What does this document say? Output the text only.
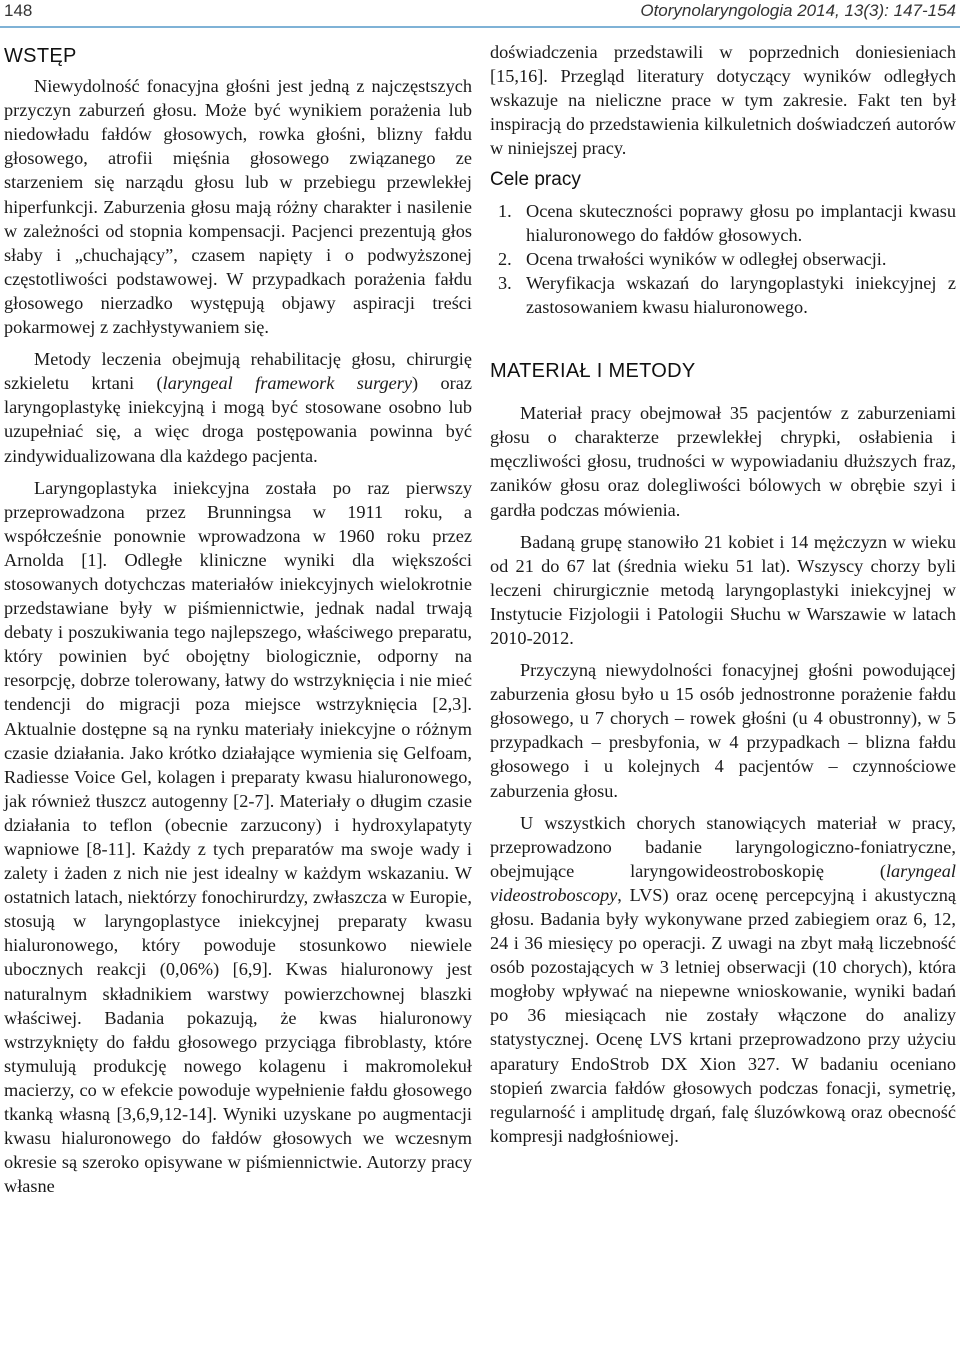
148	Otorynolaryngologia 2014, 13(3): 147-154
WSTĘP

Niewydolność fonacyjna głośni jest jedną z najczęstszych przyczyn zaburzeń głosu. Może być wynikiem porażenia lub niedowładu fałdów głosowych, rowka głośni, blizny fałdu głosowego, atrofii mięśnia głosowego związanego ze starzeniem się narządu głosu lub w przebiegu przewlekłej hiperfunkcji. Zaburzenia głosu mają różny charakter i nasilenie w zależności od stopnia kompensacji. Pacjenci prezentują głos słaby i „chuchający”, czasem napięty i o podwyższonej częstotliwości podstawowej. W przypadkach porażenia fałdu głosowego nierzadko występują objawy aspiracji treści pokarmowej z zachłystywaniem się.

Metody leczenia obejmują rehabilitację głosu, chirurgię szkieletu krtani (laryngeal framework surgery) oraz laryngoplastykę iniekcyjną i mogą być stosowane osobno lub uzupełniać się, a więc droga postępowania powinna być zindywidualizowana dla każdego pacjenta.

Laryngoplastyka iniekcyjna została po raz pierwszy przeprowadzona przez Brunningsa w 1911 roku, a współcześnie ponownie wprowadzona w 1960 roku przez Arnolda [1]. Odległe kliniczne wyniki dla większości stosowanych dotychczas materiałów iniekcyjnych wielokrotnie przedstawiane były w piśmiennictwie, jednak nadal trwają debaty i poszukiwania tego najlepszego, właściwego preparatu, który powinien być obojętny biologicznie, odporny na resorpcję, dobrze tolerowany, łatwy do wstrzyknięcia i nie mieć tendencji do migracji poza miejsce wstrzyknięcia [2,3]. Aktualnie dostępne są na rynku materiały iniekcyjne o różnym czasie działania. Jako krótko działające wymienia się Gelfoam, Radiesse Voice Gel, kolagen i preparaty kwasu hialuronowego, jak również tłuszcz autogenny [2-7]. Materiały o długim czasie działania to teflon (obecnie zarzucony) i hydroxylapatyty wapniowe [8-11]. Każdy z tych preparatów ma swoje wady i zalety i żaden z nich nie jest idealny w każdym wskazaniu. W ostatnich latach, niektórzy fonochirurdzy, zwłaszcza w Europie, stosują w laryngoplastyce iniekcyjnej preparaty kwasu hialuronowego, który powoduje stosunkowo niewiele ubocznych reakcji (0,06%) [6,9]. Kwas hialuronowy jest naturalnym składnikiem warstwy powierzchownej blaszki właściwej. Badania pokazują, że kwas hialuronowy wstrzyknięty do fałdu głosowego przyciąga fibroblasty, które stymulują produkcję nowego kolagenu i makromolekuł macierzy, co w efekcie powoduje wypełnienie fałdu głosowego tkanką własną [3,6,9,12-14]. Wyniki uzyskane po augmentacji kwasu hialuronowego do fałdów głosowych we wczesnym okresie są szeroko opisywane w piśmiennictwie. Autorzy pracy własne

doświadczenia przedstawili w poprzednich doniesieniach [15,16]. Przegląd literatury dotyczący wyników odległych wskazuje na nieliczne prace w tym zakresie. Fakt ten był inspiracją do przedstawienia kilkuletnich doświadczeń autorów w niniejszej pracy.

Cele pracy
1. Ocena skuteczności poprawy głosu po implantacji kwasu hialuronowego do fałdów głosowych.
2. Ocena trwałości wyników w odległej obserwacji.
3. Weryfikacja wskazań do laryngoplastyki iniekcyjnej z zastosowaniem kwasu hialuronowego.
MATERIAŁ I METODY

Materiał pracy obejmował 35 pacjentów z zaburzeniami głosu o charakterze przewlekłej chrypki, osłabienia i męczliwości głosu, trudności w wypowiadaniu dłuższych fraz, zaników głosu oraz dolegliwości bólowych w obrębie szyi i gardła podczas mówienia.

Badaną grupę stanowiło 21 kobiet i 14 mężczyzn w wieku od 21 do 67 lat (średnia wieku 51 lat). Wszyscy chorzy byli leczeni chirurgicznie metodą laryngoplastyki iniekcyjnej w Instytucie Fizjologii i Patologii Słuchu w Warszawie w latach 2010-2012.

Przyczyną niewydolności fonacyjnej głośni powodującej zaburzenia głosu było u 15 osób jednostronne porażenie fałdu głosowego, u 7 chorych – rowek głośni (u 4 obustronny), w 5 przypadkach – presbyfonia, w 4 przypadkach – blizna fałdu głosowego i u kolejnych 4 pacjentów – czynnościowe zaburzenia głosu.

U wszystkich chorych stanowiących materiał w pracy, przeprowadzono badanie laryngologiczno-foniatryczne, obejmujące laryngowideostroboskopię (laryngeal videostroboscopy, LVS) oraz ocenę percepcyjną i akustyczną głosu. Badania były wykonywane przed zabiegiem oraz 6, 12, 24 i 36 miesięcy po operacji. Z uwagi na zbyt małą liczebność osób pozostających w 3 letniej obserwacji (10 chorych), która mogłoby wpływać na niepewne wnioskowanie, wyniki badań po 36 miesiącach nie zostały włączone do analizy statystycznej. Ocenę LVS krtani przeprowadzono przy użyciu aparatury EndoStrob DX Xion 327. W badaniu oceniano stopień zwarcia fałdów głosowych podczas fonacji, symetrię, regularność i amplitudę drgań, falę śluzówkową oraz obecność kompresji nadgłośniowej.
